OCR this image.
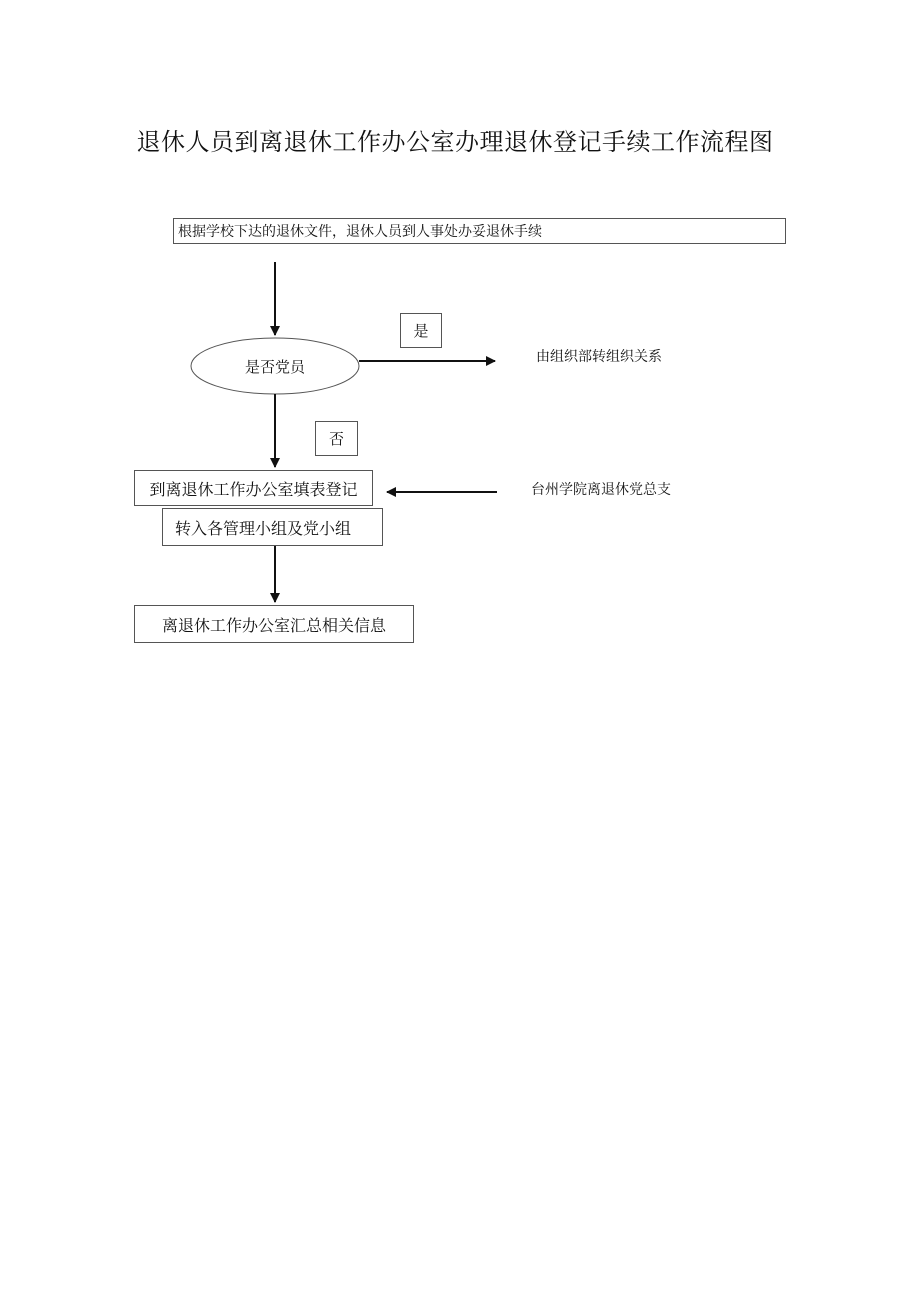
退休人员到离退休工作办公室办理退休登记手续工作流程图
根据学校下达的退休文件，退休人员到人事处办妥退休手续
是否党员
是
由组织部转组织关系
否
到离退休工作办公室填表登记	台州学院离退休党总支
转入各管理小组及党小组
离退休工作办公室汇总相关信息
